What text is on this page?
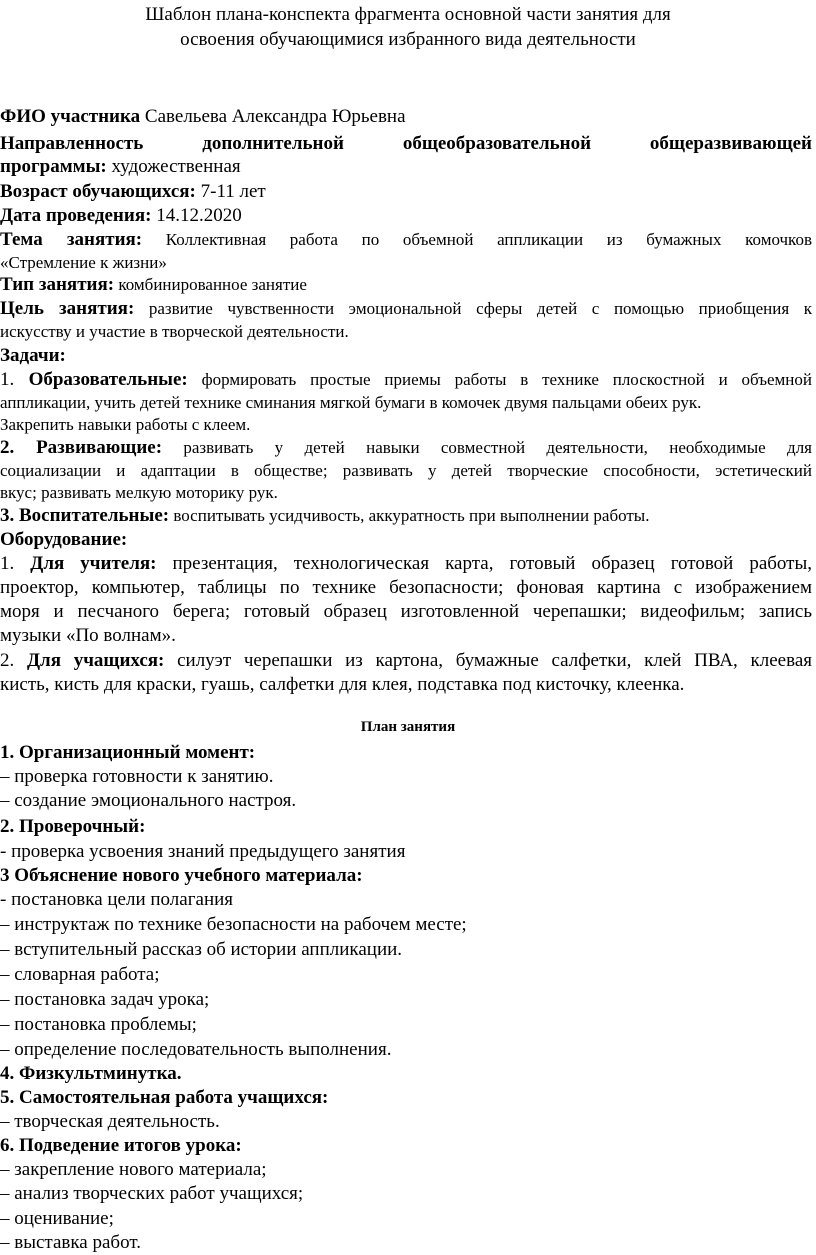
Шаблон плана-конспекта фрагмента основной части занятия для
освоения обучающимися избранного вида деятельности
ФИО участника Савельева Александра Юрьевна
Направленность	дополнительной	общеобразовательной	общеразвивающей
программы: художественная
Возраст обучающихся: 7-11 лет
Дата проведения: 14.12.2020
Тема занятия: Коллективная работа по объемной аппликации из бумажных комочков
«Стремление к жизни»
Тип занятия: комбинированное занятие
Цель занятия: развитие чувственности эмоциональной сферы детей с помощью приобщения к
искусству и участие в творческой деятельности.
Задачи:
1. Образовательные: формировать простые приемы работы в технике плоскостной и объемной
аппликации, учить детей технике сминания мягкой бумаги в комочек двумя пальцами обеих рук.
Закрепить навыки работы с клеем.
2. Развивающие: развивать у детей навыки совместной деятельности, необходимые для
социализации и адаптации в обществе; развивать у детей творческие способности, эстетический
вкус; развивать мелкую моторику рук.
3. Воспитательные: воспитывать усидчивость, аккуратность при выполнении работы.
Оборудование:
1. Для учителя: презентация, технологическая карта, готовый образец готовой работы,
проектор, компьютер, таблицы по технике безопасности; фоновая картина с изображением
моря и песчаного берега; готовый образец изготовленной черепашки; видеофильм; запись
музыки «По волнам».
2. Для учащихся: силуэт черепашки из картона, бумажные салфетки, клей ПВА, клеевая
кисть, кисть для краски, гуашь, салфетки для клея, подставка под кисточку, клеенка.
План занятия
1. Организационный момент:
– проверка готовности к занятию.
– создание эмоционального настроя.
2. Проверочный:
- проверка усвоения знаний предыдущего занятия
3 Объяснение нового учебного материала:
- постановка цели полагания
– инструктаж по технике безопасности на рабочем месте;
– вступительный рассказ об истории аппликации.
– словарная работа;
– постановка задач урока;
– постановка проблемы;
– определение последовательность выполнения.
4. Физкультминутка.
5. Самостоятельная работа учащихся:
– творческая деятельность.
6. Подведение итогов урока:
– закрепление нового материала;
– анализ творческих работ учащихся;
– оценивание;
– выставка работ.
